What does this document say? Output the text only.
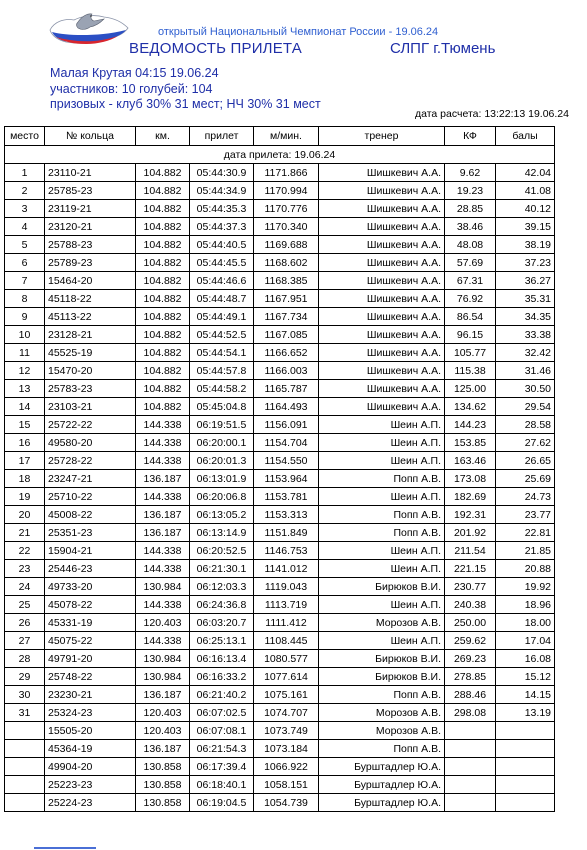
открытый Национальный Чемпионат России - 19.06.24
ВЕДОМОСТЬ ПРИЛЕТА	СЛПГ г.Тюмень
Малая Крутая 04:15 19.06.24
участников: 10 голубей: 104
призовых - клуб 30% 31 мест; НЧ 30% 31 мест
дата расчета: 13:22:13 19.06.24
место	№ кольца	км.	прилет	м/мин.	тренер	КФ	балы
дата прилета: 19.06.24							
1	23110-21	104.882	05:44:30.9	1171.866	Шишкевич А.А.	9.62	42.04
2	25785-23	104.882	05:44:34.9	1170.994	Шишкевич А.А.	19.23	41.08
3	23119-21	104.882	05:44:35.3	1170.776	Шишкевич А.А.	28.85	40.12
4	23120-21	104.882	05:44:37.3	1170.340	Шишкевич А.А.	38.46	39.15
5	25788-23	104.882	05:44:40.5	1169.688	Шишкевич А.А.	48.08	38.19
6	25789-23	104.882	05:44:45.5	1168.602	Шишкевич А.А.	57.69	37.23
7	15464-20	104.882	05:44:46.6	1168.385	Шишкевич А.А.	67.31	36.27
8	45118-22	104.882	05:44:48.7	1167.951	Шишкевич А.А.	76.92	35.31
9	45113-22	104.882	05:44:49.1	1167.734	Шишкевич А.А.	86.54	34.35
10	23128-21	104.882	05:44:52.5	1167.085	Шишкевич А.А.	96.15	33.38
11	45525-19	104.882	05:44:54.1	1166.652	Шишкевич А.А.	105.77	32.42
12	15470-20	104.882	05:44:57.8	1166.003	Шишкевич А.А.	115.38	31.46
13	25783-23	104.882	05:44:58.2	1165.787	Шишкевич А.А.	125.00	30.50
14	23103-21	104.882	05:45:04.8	1164.493	Шишкевич А.А.	134.62	29.54
15	25722-22	144.338	06:19:51.5	1156.091	Шеин А.П.	144.23	28.58
16	49580-20	144.338	06:20:00.1	1154.704	Шеин А.П.	153.85	27.62
17	25728-22	144.338	06:20:01.3	1154.550	Шеин А.П.	163.46	26.65
18	23247-21	136.187	06:13:01.9	1153.964	Попп А.В.	173.08	25.69
19	25710-22	144.338	06:20:06.8	1153.781	Шеин А.П.	182.69	24.73
20	45008-22	136.187	06:13:05.2	1153.313	Попп А.В.	192.31	23.77
21	25351-23	136.187	06:13:14.9	1151.849	Попп А.В.	201.92	22.81
22	15904-21	144.338	06:20:52.5	1146.753	Шеин А.П.	211.54	21.85
23	25446-23	144.338	06:21:30.1	1141.012	Шеин А.П.	221.15	20.88
24	49733-20	130.984	06:12:03.3	1119.043	Бирюков В.И.	230.77	19.92
25	45078-22	144.338	06:24:36.8	1113.719	Шеин А.П.	240.38	18.96
26	45331-19	120.403	06:03:20.7	1111.412	Морозов А.В.	250.00	18.00
27	45075-22	144.338	06:25:13.1	1108.445	Шеин А.П.	259.62	17.04
28	49791-20	130.984	06:16:13.4	1080.577	Бирюков В.И.	269.23	16.08
29	25748-22	130.984	06:16:33.2	1077.614	Бирюков В.И.	278.85	15.12
30	23230-21	136.187	06:21:40.2	1075.161	Попп А.В.	288.46	14.15
31	25324-23	120.403	06:07:02.5	1074.707	Морозов А.В.	298.08	13.19
	15505-20	120.403	06:07:08.1	1073.749	Морозов А.В.		
	45364-19	136.187	06:21:54.3	1073.184	Попп А.В.		
	49904-20	130.858	06:17:39.4	1066.922	Бурштадлер Ю.А.		
	25223-23	130.858	06:18:40.1	1058.151	Бурштадлер Ю.А.		
	25224-23	130.858	06:19:04.5	1054.739	Бурштадлер Ю.А.		
